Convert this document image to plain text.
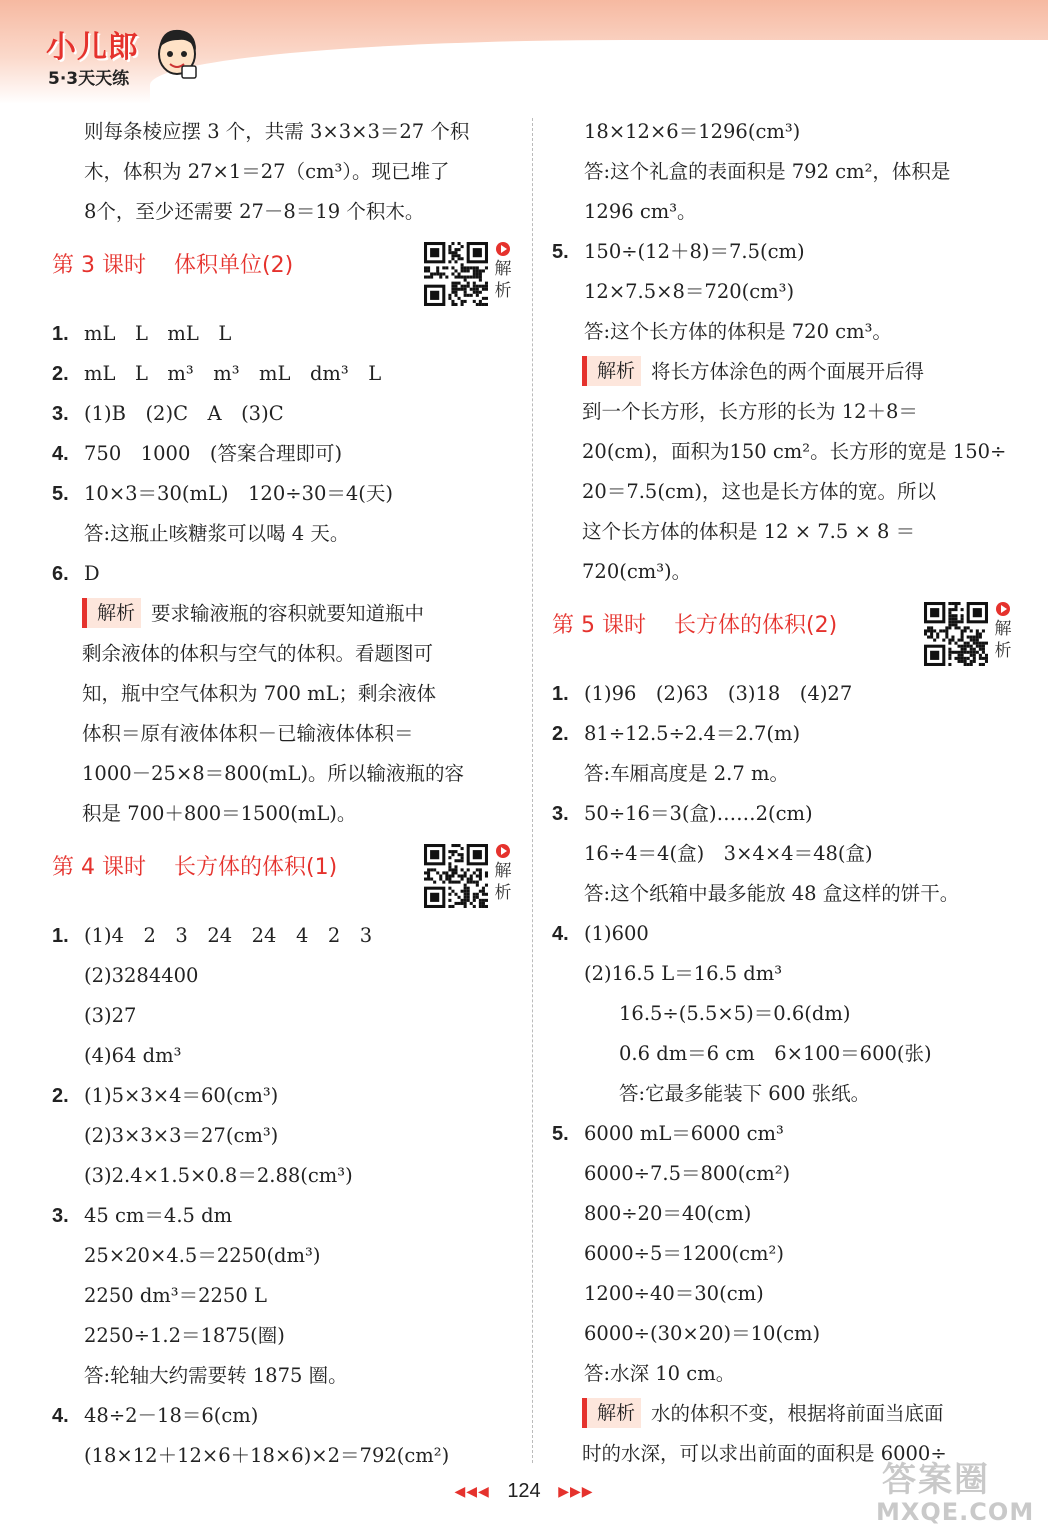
小儿郎
5·3天天练
则每条棱应摆 3 个，共需 3×3×3＝27 个积
木，体积为 27×1＝27（cm³）。现已堆了
8个，至少还需要 27－8＝19 个积木。
第 3 课时 体积单位(2)	解析
1. mL　L　mL　L
2. mL　L　m³　m³　mL　dm³　L
3. (1)B　(2)C　A　(3)C
4. 750　1000　(答案合理即可)
5. 10×3＝30(mL)　120÷30＝4(天)
答:这瓶止咳糖浆可以喝 4 天。
6. D
解析 要求输液瓶的容积就要知道瓶中
剩余液体的体积与空气的体积。看题图可
知，瓶中空气体积为 700 mL；剩余液体
体积＝原有液体体积－已输液体体积＝
1000－25×8＝800(mL)。所以输液瓶的容
积是 700＋800＝1500(mL)。
第 4 课时 长方体的体积(1)	解析
1. (1)4　2　3　24　24　4　2　3
(2)3284400
(3)27
(4)64 dm³
2. (1)5×3×4＝60(cm³)
(2)3×3×3＝27(cm³)
(3)2.4×1.5×0.8＝2.88(cm³)
3. 45 cm＝4.5 dm
25×20×4.5＝2250(dm³)
2250 dm³＝2250 L
2250÷1.2＝1875(圈)
答:轮轴大约需要转 1875 圈。
4. 48÷2－18＝6(cm)
(18×12＋12×6＋18×6)×2＝792(cm²)
18×12×6＝1296(cm³)
答:这个礼盒的表面积是 792 cm²，体积是
1296 cm³。
5. 150÷(12＋8)＝7.5(cm)
12×7.5×8＝720(cm³)
答:这个长方体的体积是 720 cm³。
解析 将长方体涂色的两个面展开后得
到一个长方形，长方形的长为 12＋8＝
20(cm)，面积为150 cm²。长方形的宽是 150÷
20＝7.5(cm)，这也是长方体的宽。所以
这个长方体的体积是 12 × 7.5 × 8 ＝
720(cm³)。
第 5 课时 长方体的体积(2)	解析
1. (1)96　(2)63　(3)18　(4)27
2. 81÷12.5÷2.4＝2.7(m)
答:车厢高度是 2.7 m。
3. 50÷16＝3(盒)……2(cm)
16÷4＝4(盒)　3×4×4＝48(盒)
答:这个纸箱中最多能放 48 盒这样的饼干。
4. (1)600
(2)16.5 L＝16.5 dm³
16.5÷(5.5×5)＝0.6(dm)
0.6 dm＝6 cm　6×100＝600(张)
答:它最多能装下 600 张纸。
5. 6000 mL＝6000 cm³
6000÷7.5＝800(cm²)
800÷20＝40(cm)
6000÷5＝1200(cm²)
1200÷40＝30(cm)
6000÷(30×20)＝10(cm)
答:水深 10 cm。
解析 水的体积不变，根据将前面当底面
时的水深，可以求出前面的面积是 6000÷
◀◀◀ 124 ▶▶▶	答案圈
MXQE.COM
